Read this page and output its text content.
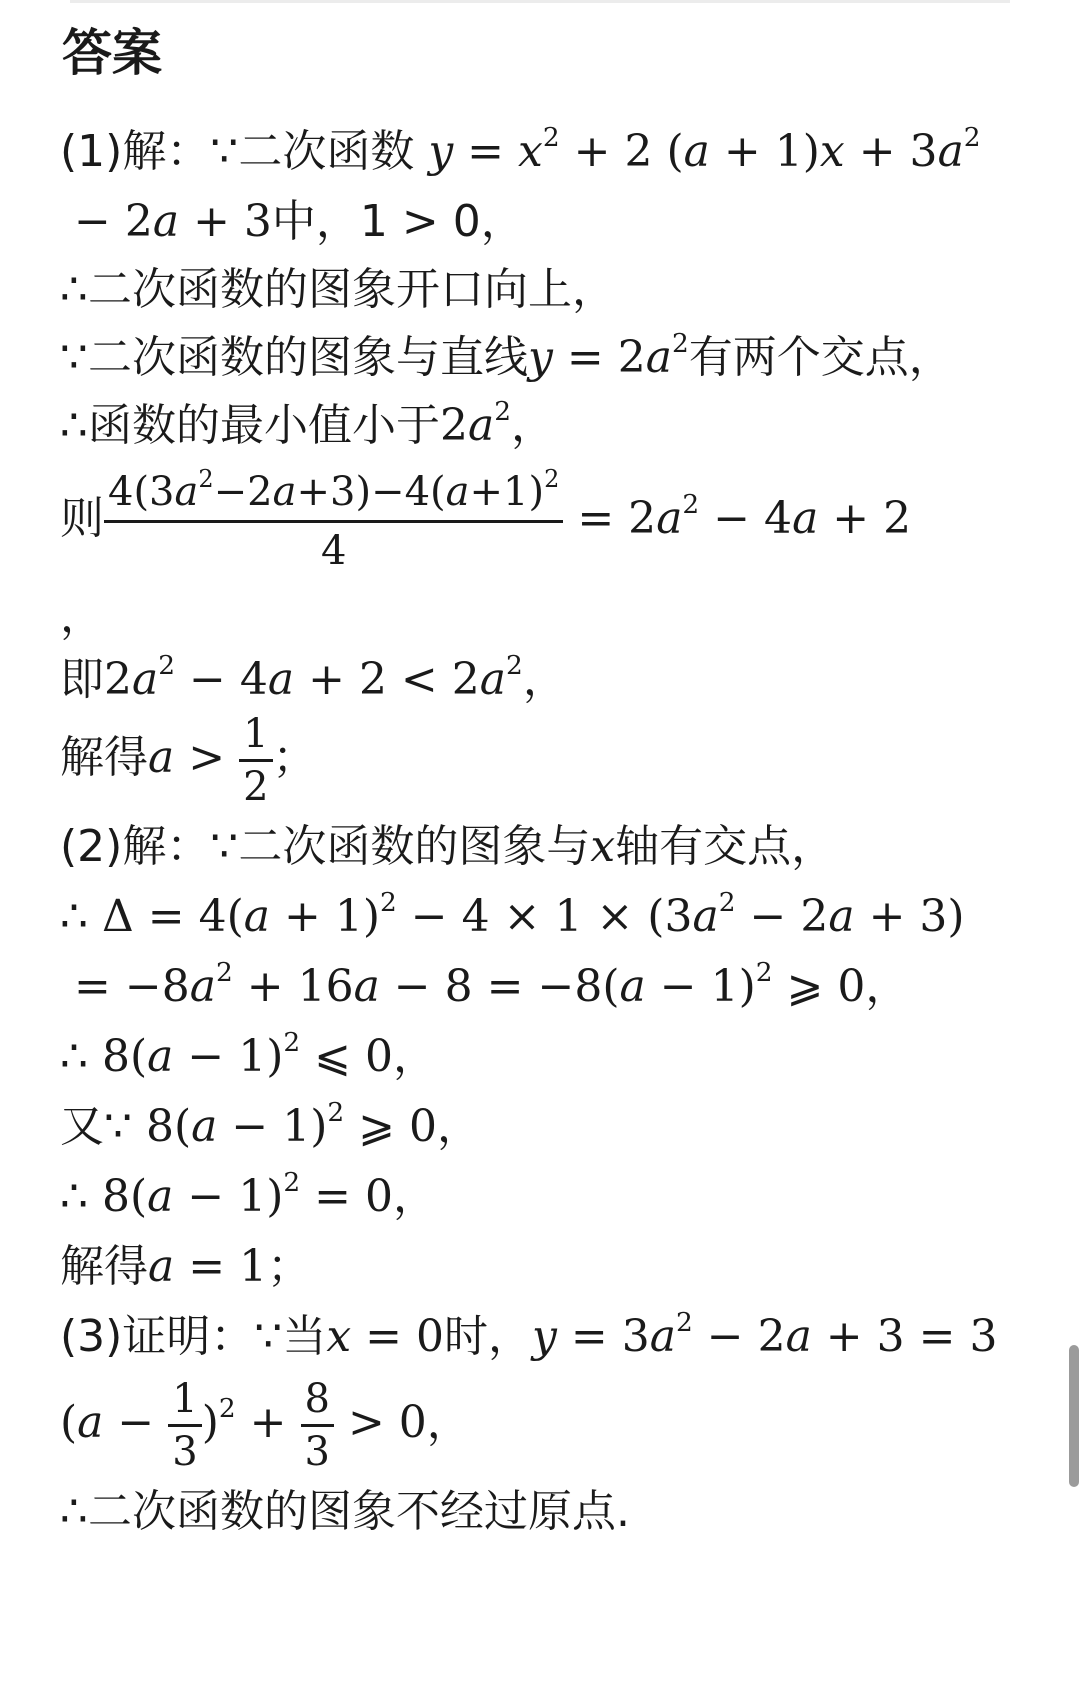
答案
(1)解：∵二次函数 $y = x^2 + 2$ $(a + 1)x + 3a^2$
− 2a + 3中，1 > 0，
∴二次函数的图象开口向上，
∵二次函数的图象与直线$y = 2a^2$有两个交点，
∴函数的最小值小于$2a^2$，
则 $\frac{4(3a^2-2a+3)-4(a+1)^2}{4} = 2a^2 - 4a + 2$
，
即$2a^2 - 4a + 2 < 2a^2$，
解得$a > \frac{1}{2}$ ；
(2)解：∵二次函数的图象与x轴有交点，
∴ $\Delta = 4(a + 1)^2 - 4 \times 1 \times (3a^2 - 2a + 3)$
= $-8a^2 + 16a - 8 = -8(a - 1)^2$ ⩾ 0，
∴ $8(a - 1)^2$ ⩽ 0，
又∵ $8(a - 1)^2$ ⩾ 0，
∴ $8(a - 1)^2 = 0$，
解得a = 1；
(3)证明：∵当x = 0时，$y = 3a^2 - 2a + 3 = 3$
$(a - \frac{1}{3} )^2 + \frac{8}{3} > 0$，
∴二次函数的图象不经过原点.
